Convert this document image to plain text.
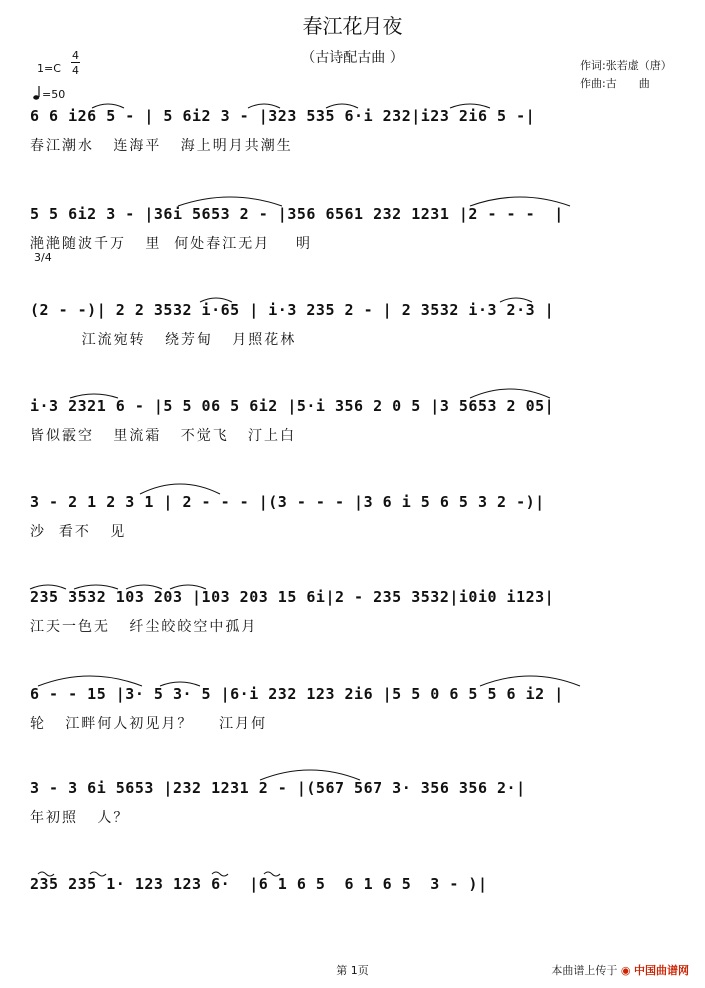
春江花月夜
（古诗配古曲 ）	作词:张若虚（唐）
作曲:古　　曲
1=C
4
4
=50
3/4
6 6 i26 5 - | 5 6i2 3 - |323 535 6·i 232|i23 2i6 5 -|
春江潮水   连海平   海上明月共潮生
5 5 6i2 3 - |36i 5653 2 - |356 6561 232 1231 |2 - - -  |
滟滟随波千万   里  何处春江无月    明
(2 - -)| 2 2 3532 i·65 | i·3 235 2 - | 2 3532 i·3 2·3 |
江流宛转   绕芳甸   月照花林
i·3 2321 6 - |5 5 06 5 6i2 |5·i 356 2 0 5 |3 5653 2 05|
皆似霰空   里流霜   不觉飞   汀上白
3 - 2 1 2 3 1 | 2 - - - |(3 - - - |3 6 i 5 6 5 3 2 -)|
沙  看不   见
235 3532 103 203 |103 203 15 6i|2 - 235 3532|i0i0 i123|
江天一色无   纤尘皎皎空中孤月
6 - - 15 |3· 5 3· 5 |6·i 232 123 2i6 |5 5 0 6 5 5 6 i2 |
轮   江畔何人初见月？    江月何
3 - 3 6i 5653 |232 1231 2 - |(567 567 3· 356 356 2·|
年初照   人？
235 235 1· 123 123 6·  |6 1 6 5  6 1 6 5  3 - )|
第 1页	本曲谱上传于 ◉ 中国曲谱网
